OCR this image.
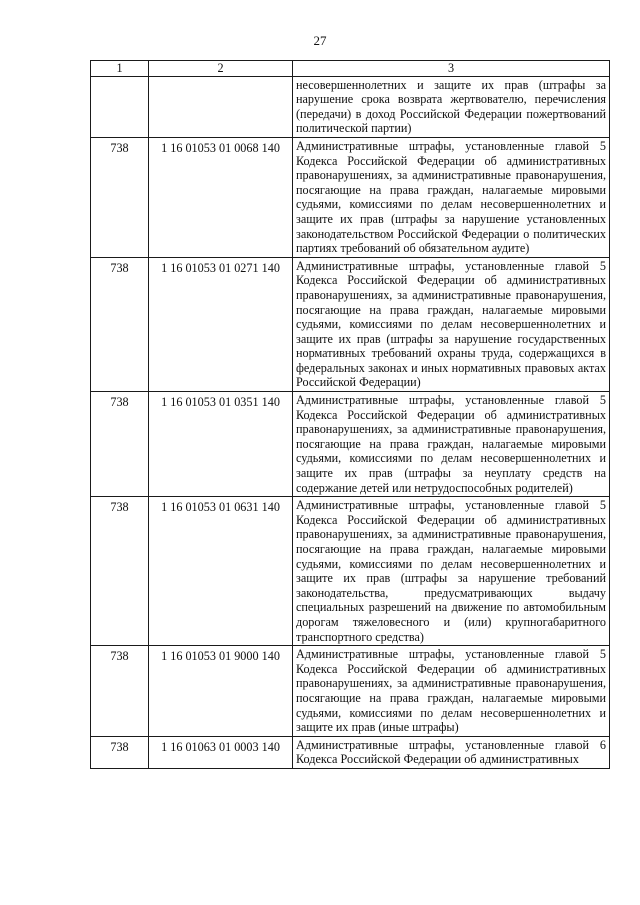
27
1	2	3

		несовершеннолетних и защите их прав (штрафы за нарушение срока возврата жертвователю, перечисления (передачи) в доход Российской Федерации пожертвований политической партии)

738	1 16 01053 01 0068 140	Административные штрафы, установленные главой 5 Кодекса Российской Федерации об административных правонарушениях, за административные правонарушения, посягающие на права граждан, налагаемые мировыми судьями, комиссиями по делам несовершеннолетних и защите их прав (штрафы за нарушение установленных законодательством Российской Федерации о политических партиях требований об обязательном аудите)

738	1 16 01053 01 0271 140	Административные штрафы, установленные главой 5 Кодекса Российской Федерации об административных правонарушениях, за административные правонарушения, посягающие на права граждан, налагаемые мировыми судьями, комиссиями по делам несовершеннолетних и защите их прав (штрафы за нарушение государственных нормативных требований охраны труда, содержащихся в федеральных законах и иных нормативных правовых актах Российской Федерации)

738	1 16 01053 01 0351 140	Административные штрафы, установленные главой 5 Кодекса Российской Федерации об административных правонарушениях, за административные правонарушения, посягающие на права граждан, налагаемые мировыми судьями, комиссиями по делам несовершеннолетних и защите их прав (штрафы за неуплату средств на содержание детей или нетрудоспособных родителей)

738	1 16 01053 01 0631 140	Административные штрафы, установленные главой 5 Кодекса Российской Федерации об административных правонарушениях, за административные правонарушения, посягающие на права граждан, налагаемые мировыми судьями, комиссиями по делам несовершеннолетних и защите их прав (штрафы за нарушение требований законодательства, предусматривающих выдачу специальных разрешений на движение по автомобильным дорогам тяжеловесного и (или) крупногабаритного транспортного средства)

738	1 16 01053 01 9000 140	Административные штрафы, установленные главой 5 Кодекса Российской Федерации об административных правонарушениях, за административные правонарушения, посягающие на права граждан, налагаемые мировыми судьями, комиссиями по делам несовершеннолетних и защите их прав (иные штрафы)

738	1 16 01063 01 0003 140	Административные штрафы, установленные главой 6 Кодекса Российской Федерации об административных
